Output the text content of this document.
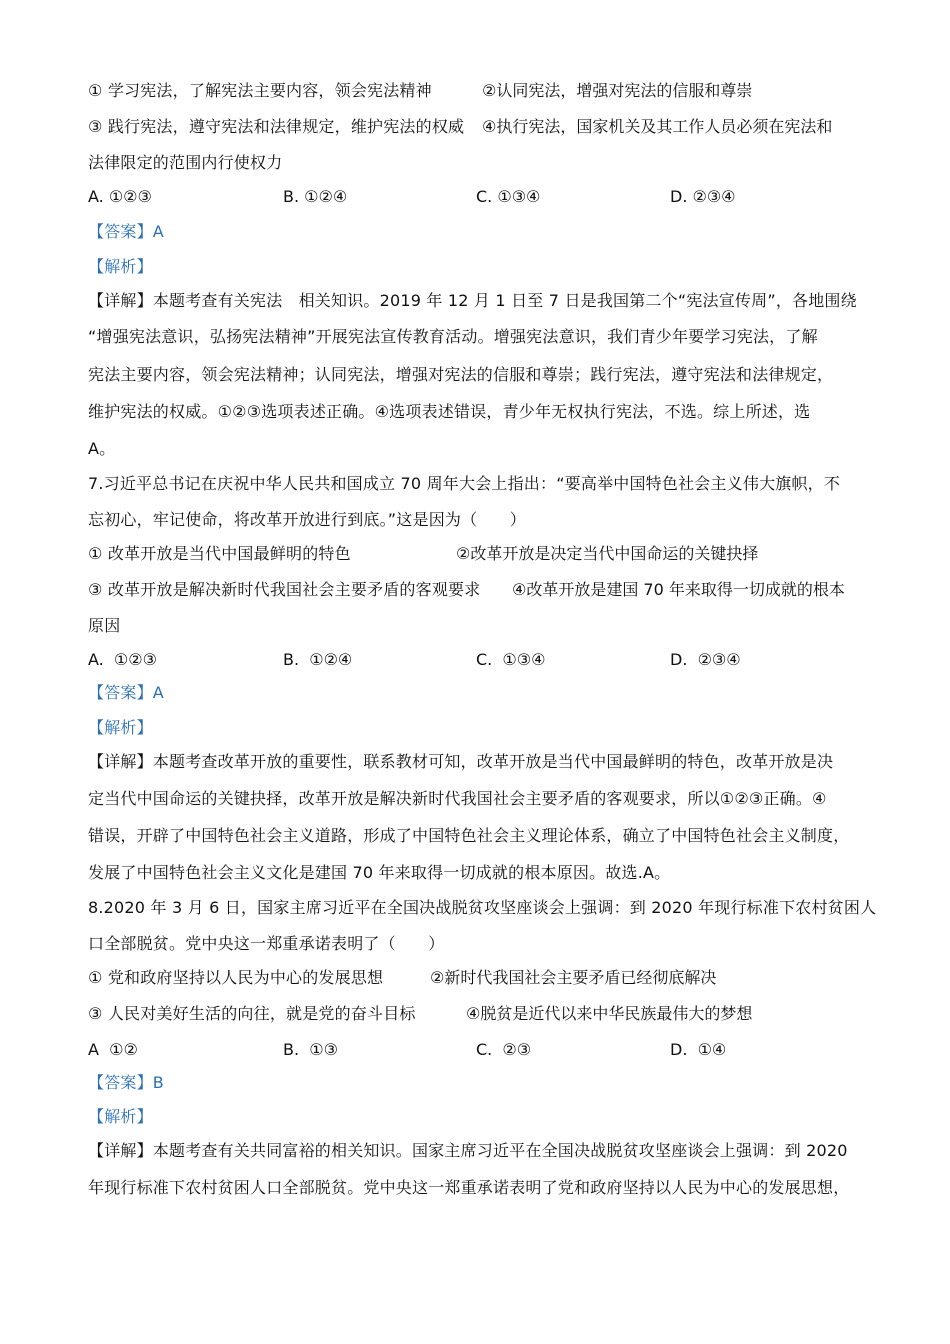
① 学习宪法，了解宪法主要内容，领会宪法精神	②认同宪法，增强对宪法的信服和尊崇
③ 践行宪法，遵守宪法和法律规定，维护宪法的权威 ④执行宪法，国家机关及其工作人员必须在宪法和
法律限定的范围内行使权力
A. ①②③	B. ①②④	C. ①③④	D. ②③④
【答案】A
【解析】
【详解】本题考查有关宪法　相关知识。2019 年 12 月 1 日至 7 日是我国第二个“宪法宣传周”，各地围绕
“增强宪法意识，弘扬宪法精神”开展宪法宣传教育活动。增强宪法意识，我们青少年要学习宪法，了解
宪法主要内容，领会宪法精神；认同宪法，增强对宪法的信服和尊崇；践行宪法，遵守宪法和法律规定，
维护宪法的权威。①②③选项表述正确。④选项表述错误，青少年无权执行宪法，不选。综上所述，选
A。
7.习近平总书记在庆祝中华人民共和国成立 70 周年大会上指出：“要高举中国特色社会主义伟大旗帜，不
忘初心，牢记使命，将改革开放进行到底。”这是因为（　　）
① 改革开放是当代中国最鲜明的特色	②改革开放是决定当代中国命运的关键抉择
③ 改革开放是解决新时代我国社会主要矛盾的客观要求 ④改革开放是建国 70 年来取得一切成就的根本
原因
A.  ①②③	B.  ①②④	C.  ①③④	D.  ②③④
【答案】A
【解析】
【详解】本题考查改革开放的重要性，联系教材可知，改革开放是当代中国最鲜明的特色，改革开放是决
定当代中国命运的关键抉择，改革开放是解决新时代我国社会主要矛盾的客观要求，所以①②③正确。④
错误，开辟了中国特色社会主义道路，形成了中国特色社会主义理论体系，确立了中国特色社会主义制度，
发展了中国特色社会主义文化是建国 70 年来取得一切成就的根本原因。故选.A。
8.2020 年 3 月 6 日，国家主席习近平在全国决战脱贫攻坚座谈会上强调：到 2020 年现行标准下农村贫困人
口全部脱贫。党中央这一郑重承诺表明了（　　）
① 党和政府坚持以人民为中心的发展思想	②新时代我国社会主要矛盾已经彻底解决
③ 人民对美好生活的向往，就是党的奋斗目标	④脱贫是近代以来中华民族最伟大的梦想
A  ①②	B.  ①③	C.  ②③	D.  ①④
【答案】B
【解析】
【详解】本题考查有关共同富裕的相关知识。国家主席习近平在全国决战脱贫攻坚座谈会上强调：到 2020
年现行标准下农村贫困人口全部脱贫。党中央这一郑重承诺表明了党和政府坚持以人民为中心的发展思想，
